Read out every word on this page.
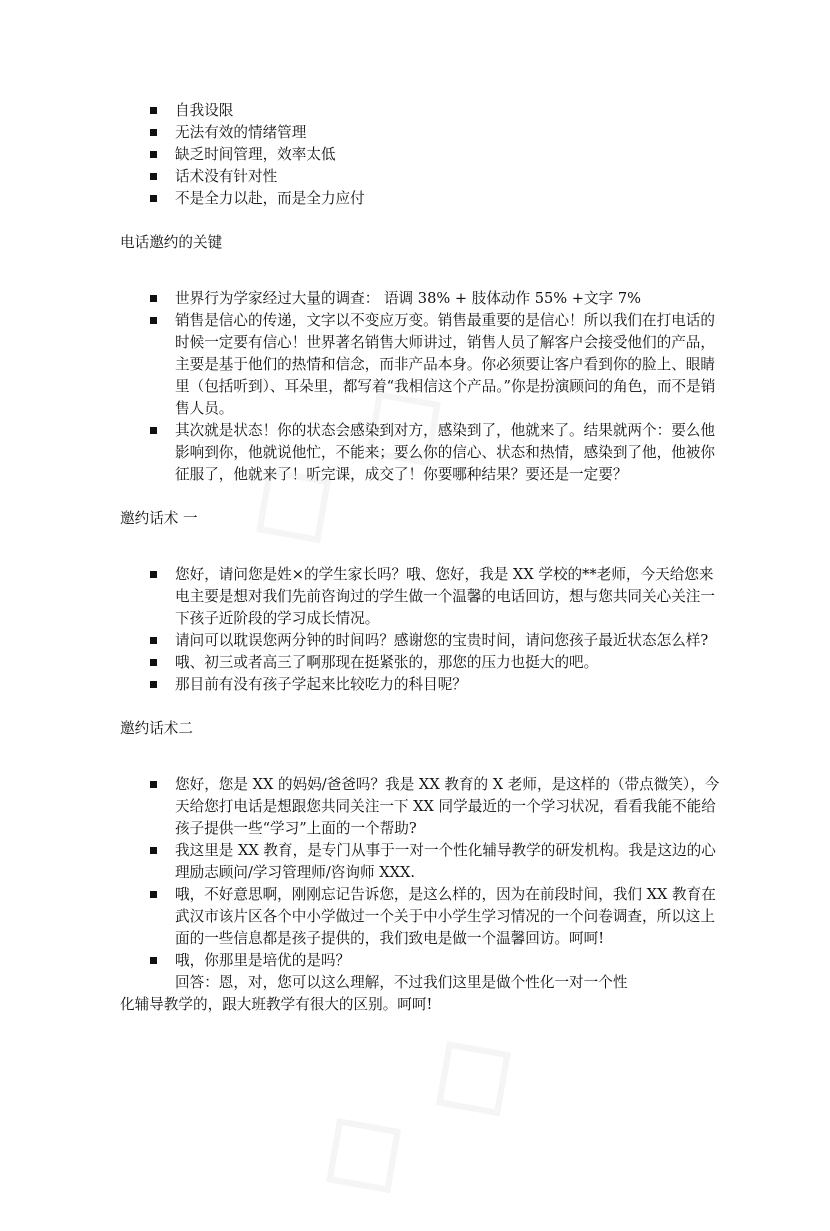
自我设限
无法有效的情绪管理
缺乏时间管理，效率太低
话术没有针对性
不是全力以赴，而是全力应付
电话邀约的关键
世界行为学家经过大量的调查： 语调 38% + 肢体动作 55% +文字 7%
销售是信心的传递，文字以不变应万变。销售最重要的是信心！所以我们在打电话的时候一定要有信心！世界著名销售大师讲过，销售人员了解客户会接受他们的产品，主要是基于他们的热情和信念，而非产品本身。你必须要让客户看到你的脸上、眼睛里（包括听到）、耳朵里，都写着“我相信这个产品。”你是扮演顾问的角色，而不是销售人员。
其次就是状态！你的状态会感染到对方，感染到了，他就来了。结果就两个：要么他影响到你，他就说他忙，不能来；要么你的信心、状态和热情，感染到了他，他被你征服了，他就来了！听完课，成交了！你要哪种结果？要还是一定要？
邀约话术 一
您好，请问您是姓×的学生家长吗？哦、您好，我是 XX 学校的**老师，今天给您来电主要是想对我们先前咨询过的学生做一个温馨的电话回访，想与您共同关心关注一下孩子近阶段的学习成长情况。
请问可以耽误您两分钟的时间吗？感谢您的宝贵时间，请问您孩子最近状态怎么样?
哦、初三或者高三了啊那现在挺紧张的，那您的压力也挺大的吧。
那目前有没有孩子学起来比较吃力的科目呢？
邀约话术二
您好，您是 XX 的妈妈/爸爸吗？我是 XX 教育的 X 老师，是这样的（带点微笑），今天给您打电话是想跟您共同关注一下 XX 同学最近的一个学习状况，看看我能不能给孩子提供一些“学习”上面的一个帮助?
我这里是 XX 教育，是专门从事于一对一个性化辅导教学的研发机构。我是这边的心理励志顾问/学习管理师/咨询师 XXX.
哦，不好意思啊，刚刚忘记告诉您，是这么样的，因为在前段时间，我们 XX 教育在武汉市该片区各个中小学做过一个关于中小学生学习情况的一个问卷调查，所以这上面的一些信息都是孩子提供的，我们致电是做一个温馨回访。呵呵!
哦，你那里是培优的是吗？
回答：恩，对，您可以这么理解，不过我们这里是做个性化一对一个性
化辅导教学的，跟大班教学有很大的区别。呵呵!
